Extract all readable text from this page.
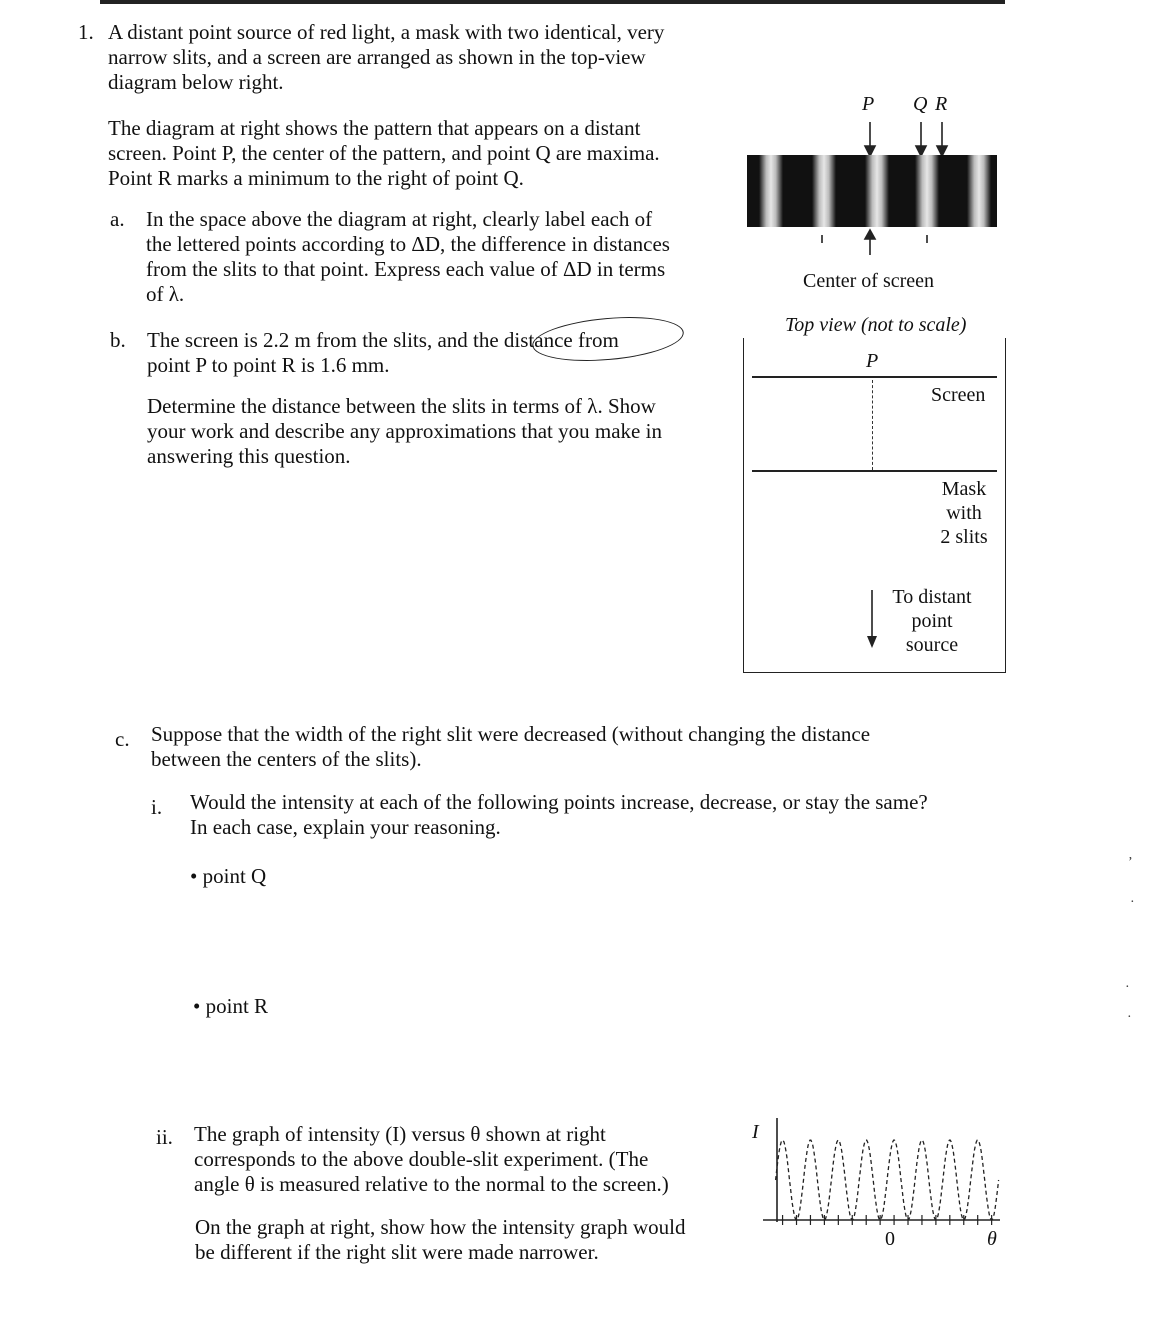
1. A distant point source of red light, a mask with two identical, very
narrow slits, and a screen are arranged as shown in the top-view
diagram below right.
The diagram at right shows the pattern that appears on a distant
screen. Point P, the center of the pattern, and point Q are maxima.
Point R marks a minimum to the right of point Q.
a. In the space above the diagram at right, clearly label each of
the lettered points according to ΔD, the difference in distances
from the slits to that point. Express each value of ΔD in terms
of λ.
b. The screen is 2.2 m from the slits, and the distance from
point P to point R is 1.6 mm.
Determine the distance between the slits in terms of λ. Show
your work and describe any approximations that you make in
answering this question.
P Q R
Center of screen
Top view (not to scale)
P
Screen
Mask
with
2 slits
To distant
point
source
c. Suppose that the width of the right slit were decreased (without changing the distance
between the centers of the slits).
i. Would the intensity at each of the following points increase, decrease, or stay the same?
In each case, explain your reasoning.
• point Q
• point R
ii. The graph of intensity (I) versus θ shown at right
corresponds to the above double-slit experiment. (The
angle θ is measured relative to the normal to the screen.)
On the graph at right, show how the intensity graph would
be different if the right slit were made narrower.
I
0	θ
ʼ
·
·
·
